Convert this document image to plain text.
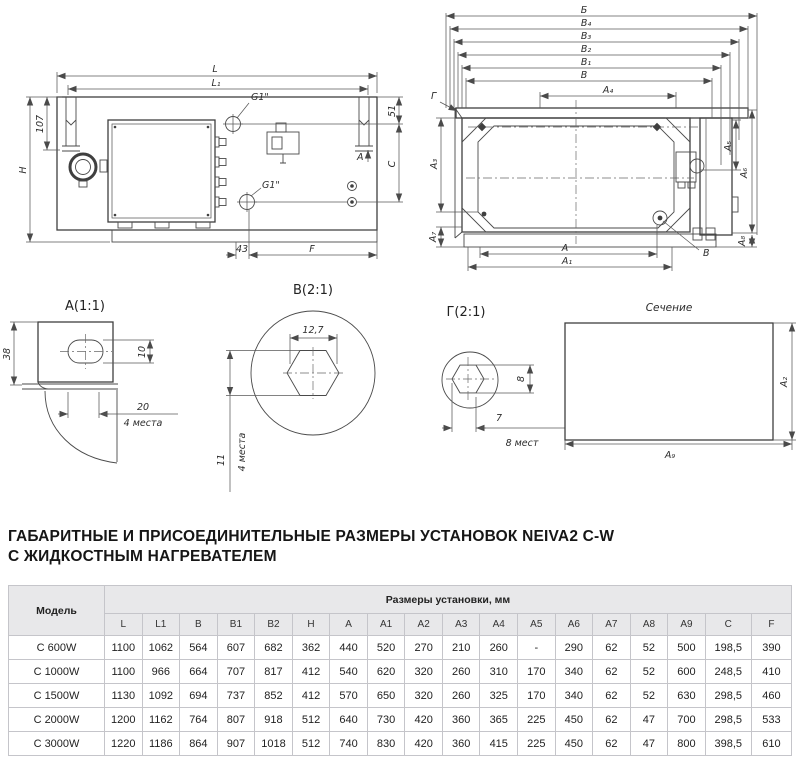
G1"
G1"
L
L₁
107
H
51
C
A
43	F
Б
B₄
B₃
B₂
B₁
B
A₄
Г
A₃
A₇
A₅
A₆
A₈
A
A₁
B
А(1:1)
38	10
20
4 места
В(2:1)
12,7
11 4 места
Г(2:1)
8
7
8 мест
Сечение
A₂
A₉
ГАБАРИТНЫЕ И ПРИСОЕДИНИТЕЛЬНЫЕ РАЗМЕРЫ УСТАНОВОК NEIVA2 C-W
С ЖИДКОСТНЫМ НАГРЕВАТЕЛЕМ
Модель	Размеры установки, мм																	
	L	L1	B	B1	B2	H	A	A1	A2	A3	A4	A5	A6	A7	A8	A9	C	F
C 600W	1100	1062	564	607	682	362	440	520	270	210	260	-	290	62	52	500	198,5	390
C 1000W	1100	966	664	707	817	412	540	620	320	260	310	170	340	62	52	600	248,5	410
C 1500W	1130	1092	694	737	852	412	570	650	320	260	325	170	340	62	52	630	298,5	460
C 2000W	1200	1162	764	807	918	512	640	730	420	360	365	225	450	62	47	700	298,5	533
C 3000W	1220	1186	864	907	1018	512	740	830	420	360	415	225	450	62	47	800	398,5	610
